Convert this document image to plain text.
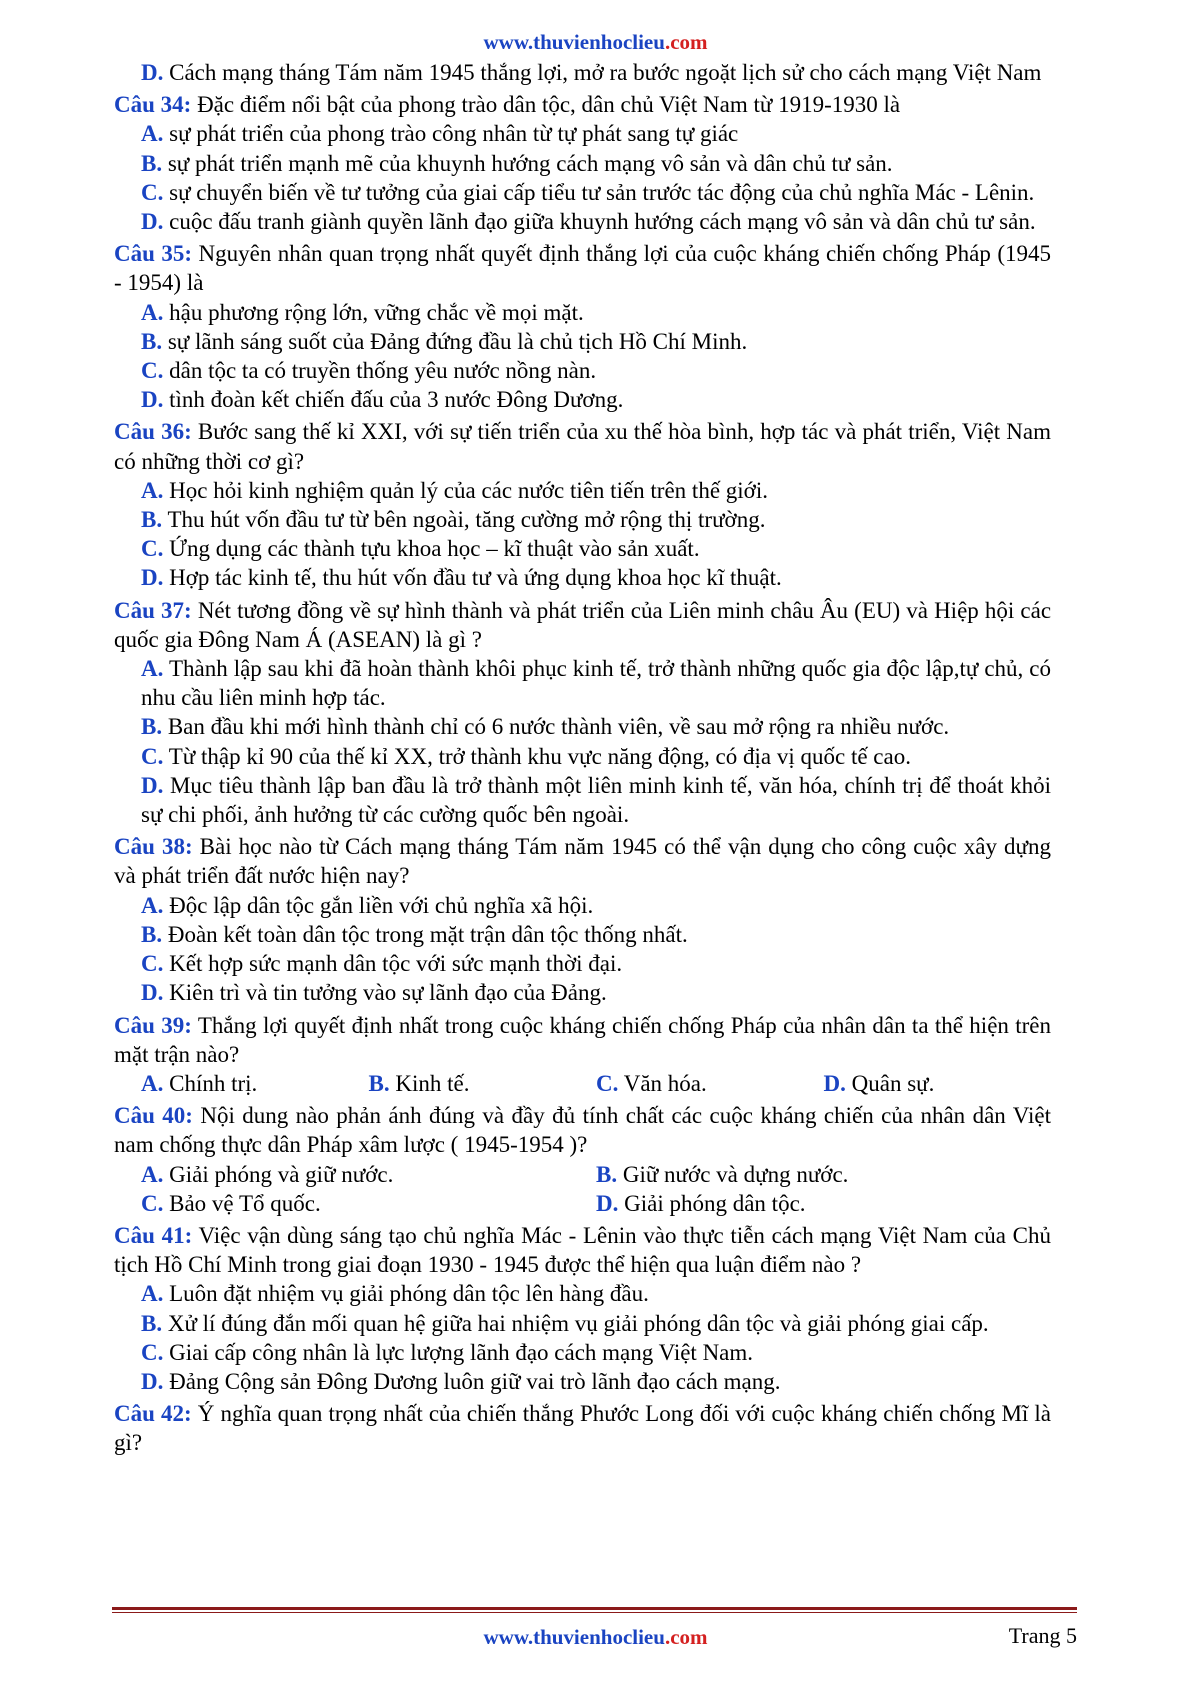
www.thuvienhoclieu.com
D. Cách mạng tháng Tám năm 1945 thắng lợi, mở ra bước ngoặt lịch sử cho cách mạng Việt Nam
Câu 34: Đặc điểm nổi bật của phong trào dân tộc, dân chủ Việt Nam từ 1919-1930 là
A. sự phát triển của phong trào công nhân từ tự phát sang tự giác
B. sự phát triển mạnh mẽ của khuynh hướng cách mạng vô sản và dân chủ tư sản.
C. sự chuyển biến về tư tưởng của giai cấp tiểu tư sản trước tác động của chủ nghĩa Mác - Lênin.
D. cuộc đấu tranh giành quyền lãnh đạo giữa khuynh hướng cách mạng vô sản và dân chủ tư sản.
Câu 35: Nguyên nhân quan trọng nhất quyết định thắng lợi của cuộc kháng chiến chống Pháp (1945 - 1954) là
A. hậu phương rộng lớn, vững chắc về mọi mặt.
B. sự lãnh sáng suốt của Đảng đứng đầu là chủ tịch Hồ Chí Minh.
C. dân tộc ta có truyền thống yêu nước nồng nàn.
D. tình đoàn kết chiến đấu của 3 nước Đông Dương.
Câu 36: Bước sang thế kỉ XXI, với sự tiến triển của xu thế hòa bình, hợp tác và phát triển, Việt Nam có những thời cơ gì?
A. Học hỏi kinh nghiệm quản lý của các nước tiên tiến trên thế giới.
B. Thu hút vốn đầu tư từ bên ngoài, tăng cường mở rộng thị trường.
C. Ứng dụng các thành tựu khoa học – kĩ thuật vào sản xuất.
D. Hợp tác kinh tế, thu hút vốn đầu tư và ứng dụng khoa học kĩ thuật.
Câu 37: Nét tương đồng về sự hình thành và phát triển của Liên minh châu Âu (EU) và Hiệp hội các quốc gia Đông Nam Á (ASEAN) là gì ?
A. Thành lập sau khi đã hoàn thành khôi phục kinh tế, trở thành những quốc gia độc lập,tự chủ, có nhu cầu liên minh hợp tác.
B. Ban đầu khi mới hình thành chỉ có 6 nước thành viên, về sau mở rộng ra nhiều nước.
C. Từ thập kỉ 90 của thế kỉ XX, trở thành khu vực năng động, có địa vị quốc tế cao.
D. Mục tiêu thành lập ban đầu là trở thành một liên minh kinh tế, văn hóa, chính trị để thoát khỏi sự chi phối, ảnh hưởng từ các cường quốc bên ngoài.
Câu 38: Bài học nào từ Cách mạng tháng Tám năm 1945 có thể vận dụng cho công cuộc xây dựng và phát triển đất nước hiện nay?
A. Độc lập dân tộc gắn liền với chủ nghĩa xã hội.
B. Đoàn kết toàn dân tộc trong mặt trận dân tộc thống nhất.
C. Kết hợp sức mạnh dân tộc với sức mạnh thời đại.
D. Kiên trì và tin tưởng vào sự lãnh đạo của Đảng.
Câu 39: Thắng lợi quyết định nhất trong cuộc kháng chiến chống Pháp của nhân dân ta thể hiện trên mặt trận nào?
A. Chính trị.	B. Kinh tế.	C. Văn hóa.	D. Quân sự.
Câu 40: Nội dung nào phản ánh đúng và đầy đủ tính chất các cuộc kháng chiến của nhân dân Việt nam chống thực dân Pháp xâm lược ( 1945-1954 )?
A. Giải phóng và giữ nước.	B. Giữ nước và dựng nước.
C. Bảo vệ Tổ quốc.	D. Giải phóng dân tộc.
Câu 41: Việc vận dùng sáng tạo chủ nghĩa Mác - Lênin vào thực tiễn cách mạng Việt Nam của Chủ tịch Hồ Chí Minh trong giai đoạn 1930 - 1945 được thể hiện qua luận điểm nào ?
A. Luôn đặt nhiệm vụ giải phóng dân tộc lên hàng đầu.
B. Xử lí đúng đắn mối quan hệ giữa hai nhiệm vụ giải phóng dân tộc và giải phóng giai cấp.
C. Giai cấp công nhân là lực lượng lãnh đạo cách mạng Việt Nam.
D. Đảng Cộng sản Đông Dương luôn giữ vai trò lãnh đạo cách mạng.
Câu 42: Ý nghĩa quan trọng nhất của chiến thắng Phước Long đối với cuộc kháng chiến chống Mĩ là gì?
www.thuvienhoclieu.com	Trang 5
